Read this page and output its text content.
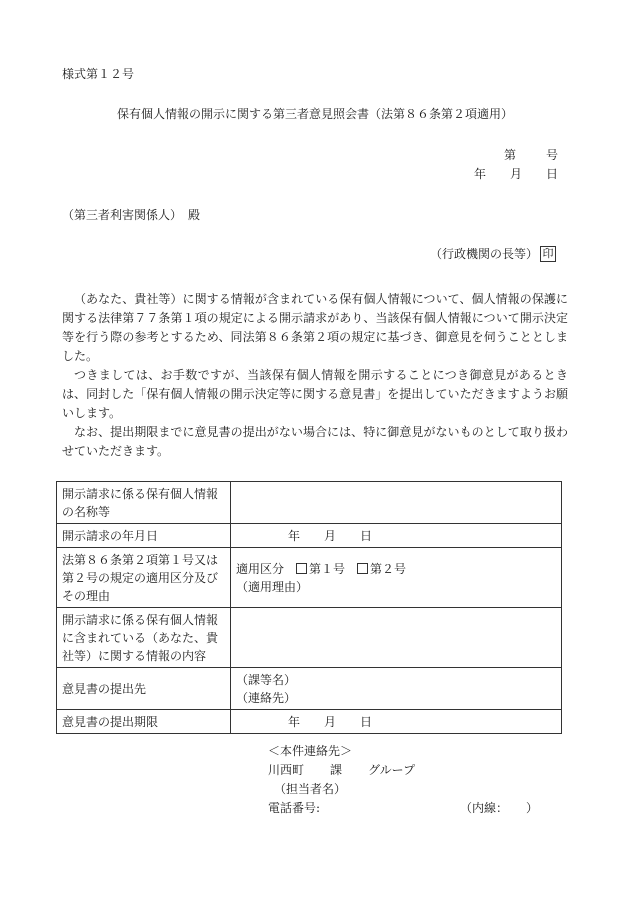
様式第１２号
保有個人情報の開示に関する第三者意見照会書（法第８６条第２項適用）
第	号
年 月 日
（第三者利害関係人）　殿
（行政機関の長等） 印

（あなた、貴社等）に関する情報が含まれている保有個人情報について、個人情報の保護に関する法律第７７条第１項の規定による開示請求があり、当該保有個人情報について開示決定等を行う際の参考とするため、同法第８６条第２項の規定に基づき、御意見を伺うこととしました。

つきましては、お手数ですが、当該保有個人情報を開示することにつき御意見があるときは、同封した「保有個人情報の開示決定等に関する意見書」を提出していただきますようお願いします。

なお、提出期限までに意見書の提出がない場合には、特に御意見がないものとして取り扱わせていただきます。

開示請求に係る保有個人情報の名称等	
開示請求の年月日	年　　月　　日

法第８６条第２項第１号又は第２号の規定の適用区分及びその理由	適用区分 第１号 第２号
（適用理由）

開示請求に係る保有個人情報に含まれている（あなた、貴社等）に関する情報の内容	
意見書の提出先	（課等名）
（連絡先）

意見書の提出期限	年　　月　　日
＜本件連絡先＞
川西町 課 グループ
（担当者名）
電話番号:	（内線：　　）
